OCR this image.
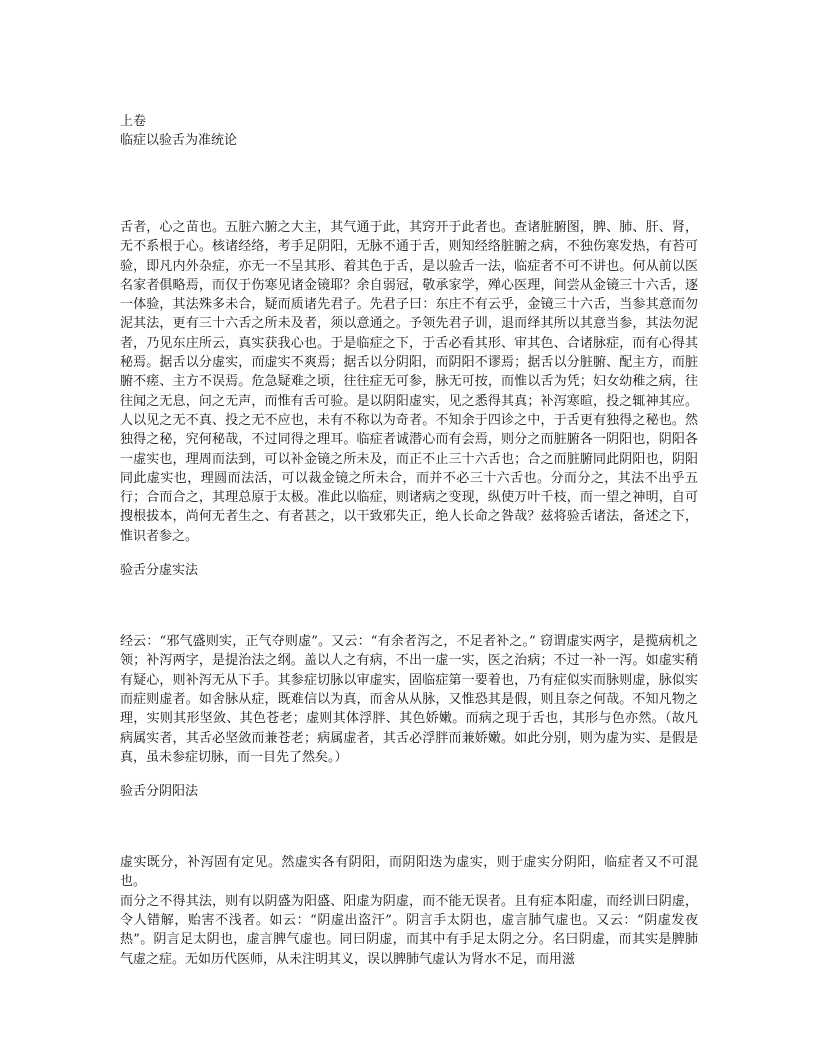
上卷

临症以验舌为准统论

舌者，心之苗也。五脏六腑之大主，其气通于此，其窍开于此者也。查诸脏腑图，脾、肺、肝、肾，无不系根于心。核诸经络，考手足阴阳，无脉不通于舌，则知经络脏腑之病，不独伤寒发热，有苔可验，即凡内外杂症，亦无一不呈其形、着其色于舌，是以验舌一法，临症者不可不讲也。何从前以医名家者俱略焉，而仅于伤寒见诸金镜耶？余自弱冠，敬承家学，殚心医理，间尝从金镜三十六舌，逐一体验，其法殊多未合，疑而质诸先君子。先君子曰：东庄不有云乎，金镜三十六舌，当参其意而勿泥其法，更有三十六舌之所未及者，须以意通之。予领先君子训，退而绎其所以其意当参，其法勿泥者，乃见东庄所云，真实获我心也。于是临症之下，于舌必看其形、审其色、合诸脉症，而有心得其秘焉。据舌以分虚实，而虚实不爽焉；据舌以分阴阳，而阴阳不谬焉；据舌以分脏腑、配主方，而脏腑不瘥、主方不误焉。危急疑难之顷，往往症无可参，脉无可按，而惟以舌为凭；妇女幼稚之病，往往闻之无息，问之无声，而惟有舌可验。是以阴阳虚实，见之悉得其真；补泻寒暄，投之辄神其应。人以见之无不真、投之无不应也，未有不称以为奇者。不知余于四诊之中，于舌更有独得之秘也。然独得之秘，究何秘哉，不过同得之理耳。临症者诚潜心而有会焉，则分之而脏腑各一阴阳也，阴阳各一虚实也，理周而法到，可以补金镜之所未及，而正不止三十六舌也；合之而脏腑同此阴阳也，阴阳同此虚实也，理圆而法活，可以裁金镜之所未合，而并不必三十六舌也。分而分之，其法不出乎五行；合而合之，其理总原于太极。准此以临症，则诸病之变现，纵使万叶千枝，而一望之神明，自可搜根拔本，尚何无者生之、有者甚之，以干致邪失正，绝人长命之咎哉？兹将验舌诸法，备述之下，惟识者参之。

验舌分虚实法

经云：“邪气盛则实，正气夺则虚”。又云：“有余者泻之，不足者补之。” 窃谓虚实两字，是揽病机之领；补泻两字，是提治法之纲。盖以人之有病，不出一虚一实，医之治病；不过一补一泻。如虚实稍有疑心，则补泻无从下手。其参症切脉以审虚实，固临症第一要着也，乃有症似实而脉则虚，脉似实而症则虚者。如舍脉从症，既难信以为真，而舍从从脉，又惟恐其是假，则且奈之何哉。不知凡物之理，实则其形坚敛、其色苍老；虚则其体浮胖、其色娇嫩。而病之现于舌也，其形与色亦然。（故凡病属实者，其舌必坚敛而兼苍老；病属虚者，其舌必浮胖而兼娇嫩。如此分别，则为虚为实、是假是真，虽未参症切脉，而一目先了然矣。）

验舌分阴阳法

虚实既分，补泻固有定见。然虚实各有阴阳，而阴阳迭为虚实，则于虚实分阴阳，临症者又不可混也。

而分之不得其法，则有以阴盛为阳盛、阳虚为阴虚，而不能无误者。且有症本阳虚，而经训曰阴虚，令人错解，贻害不浅者。如云：“阴虚出盗汗”。阴言手太阴也，虚言肺气虚也。又云：“阴虚发夜热”。阴言足太阴也，虚言脾气虚也。同曰阴虚，而其中有手足太阴之分。名曰阴虚，而其实是脾肺气虚之症。无如历代医师，从未注明其义，误以脾肺气虚认为肾水不足，而用滋
